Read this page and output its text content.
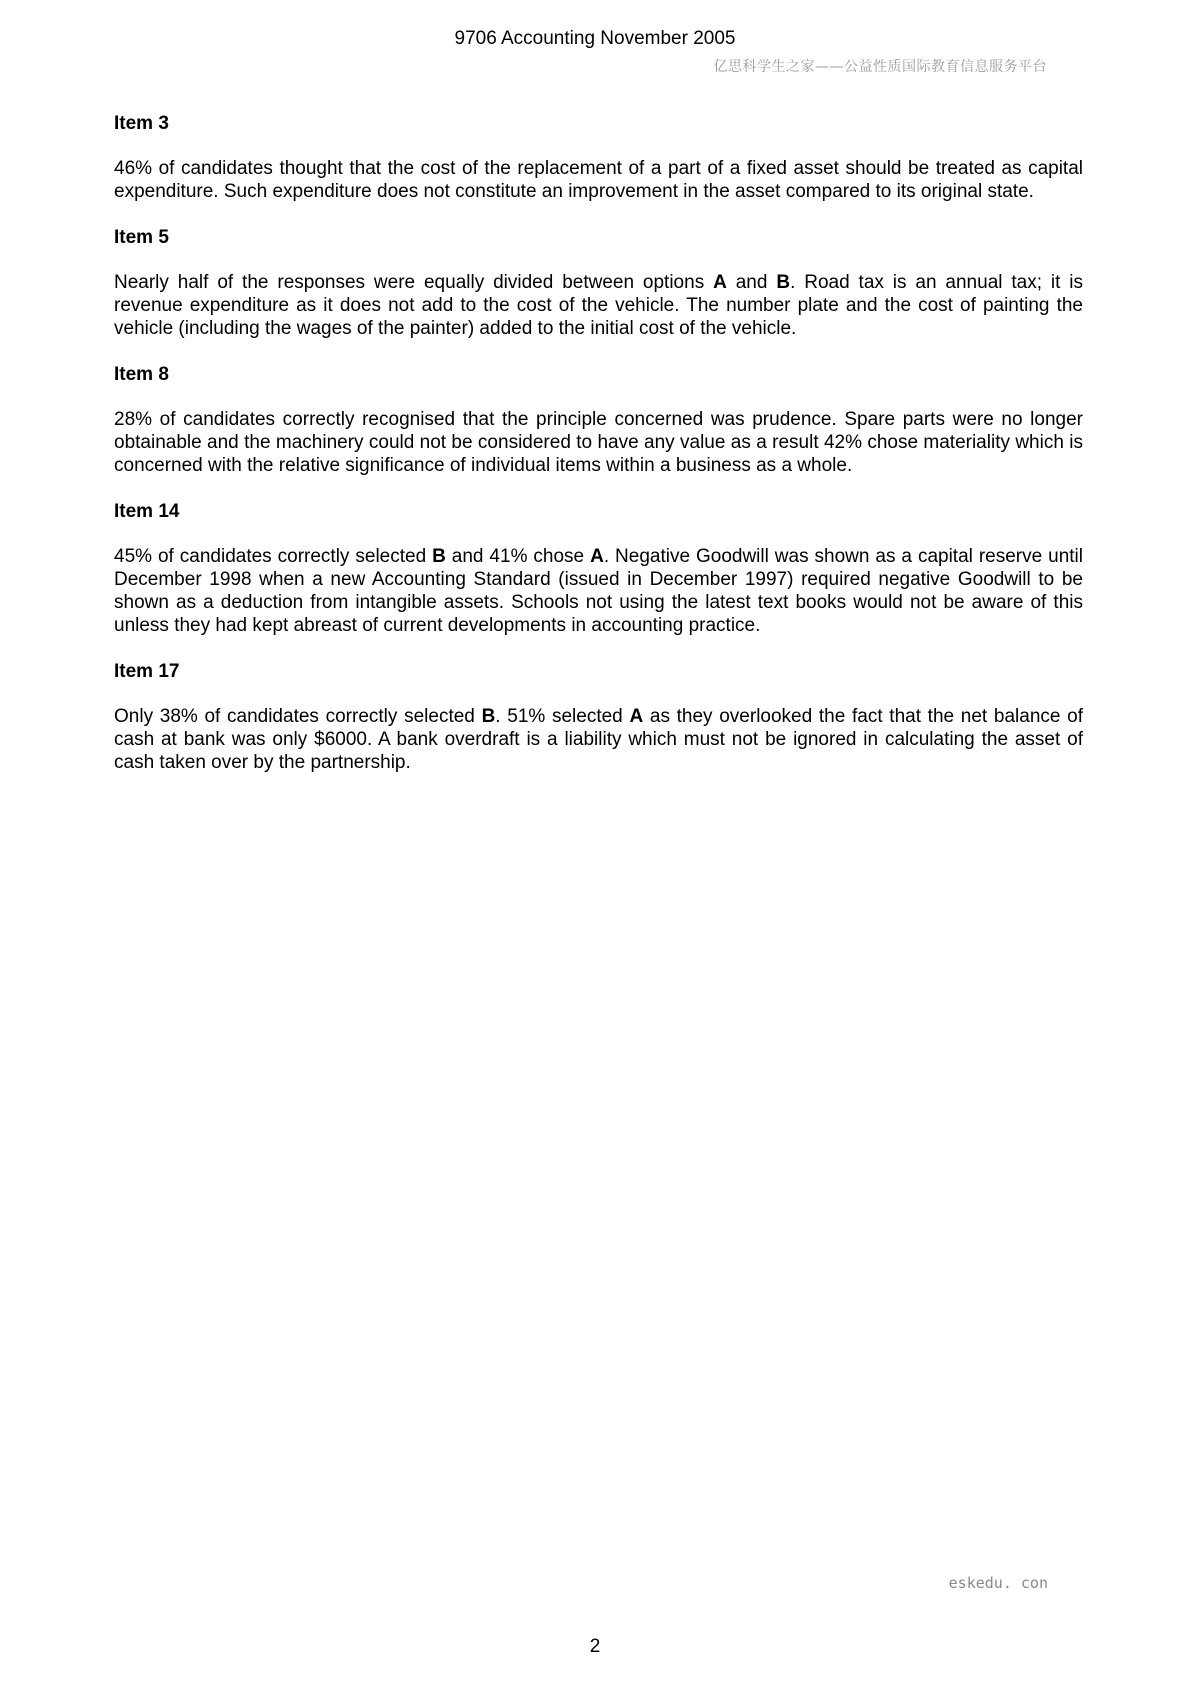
9706 Accounting November 2005
亿思科学生之家——公益性质国际教育信息服务平台
Item 3

46% of candidates thought that the cost of the replacement of a part of a fixed asset should be treated as capital expenditure. Such expenditure does not constitute an improvement in the asset compared to its original state.

Item 5

Nearly half of the responses were equally divided between options A and B. Road tax is an annual tax; it is revenue expenditure as it does not add to the cost of the vehicle. The number plate and the cost of painting the vehicle (including the wages of the painter) added to the initial cost of the vehicle.

Item 8

28% of candidates correctly recognised that the principle concerned was prudence. Spare parts were no longer obtainable and the machinery could not be considered to have any value as a result 42% chose materiality which is concerned with the relative significance of individual items within a business as a whole.

Item 14

45% of candidates correctly selected B and 41% chose A. Negative Goodwill was shown as a capital reserve until December 1998 when a new Accounting Standard (issued in December 1997) required negative Goodwill to be shown as a deduction from intangible assets. Schools not using the latest text books would not be aware of this unless they had kept abreast of current developments in accounting practice.

Item 17

Only 38% of candidates correctly selected B. 51% selected A as they overlooked the fact that the net balance of cash at bank was only $6000. A bank overdraft is a liability which must not be ignored in calculating the asset of cash taken over by the partnership.

eskedu. con
2
